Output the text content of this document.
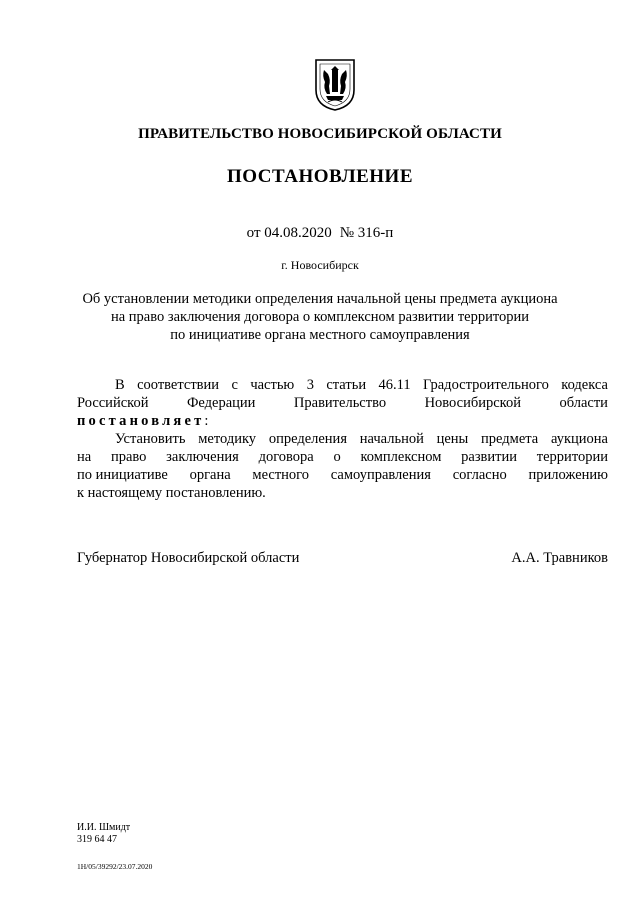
ПРАВИТЕЛЬСТВО НОВОСИБИРСКОЙ ОБЛАСТИ
ПОСТАНОВЛЕНИЕ
от 04.08.2020 № 316-п
г. Новосибирск
Об установлении методики определения начальной цены предмета аукциона
на право заключения договора о комплексном развитии территории
по инициативе органа местного самоуправления
В соответствии с частью 3 статьи 46.11 Градостроительного кодекса
Российской	Федерации	Правительство	Новосибирской	области
постановляет:
Установить методику определения начальной цены предмета аукциона
на право заключения договора о комплексном развитии территории
по инициативе органа местного самоуправления согласно приложению
к настоящему постановлению.
Губернатор Новосибирской области	А.А. Травников
И.И. Шмидт
319 64 47
1Н/05/39292/23.07.2020
